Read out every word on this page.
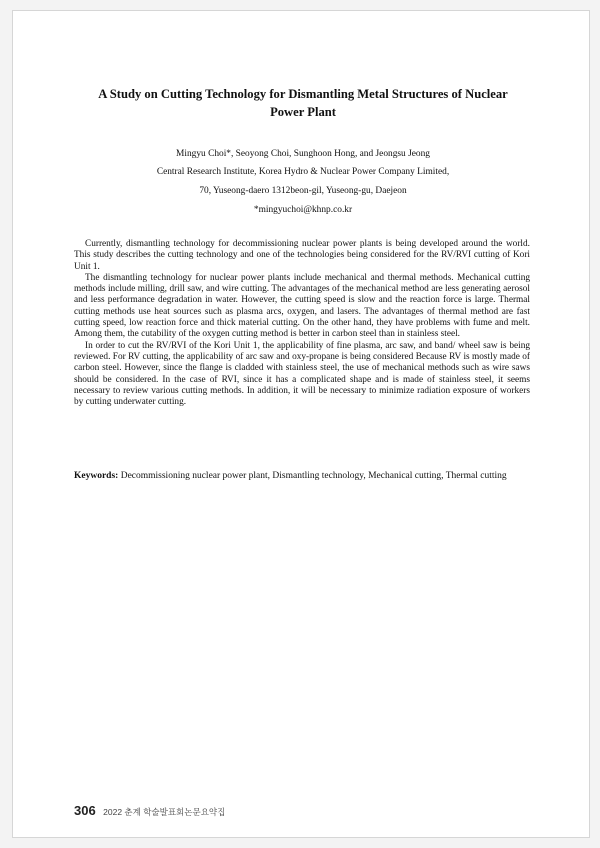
A Study on Cutting Technology for Dismantling Metal Structures of Nuclear
Power Plant

Mingyu Choi*, Seoyong Choi, Sunghoon Hong, and Jeongsu Jeong

Central Research Institute, Korea Hydro & Nuclear Power Company Limited,

70, Yuseong-daero 1312beon-gil, Yuseong-gu, Daejeon

*mingyuchoi@khnp.co.kr

Currently, dismantling technology for decommissioning nuclear power plants is being developed around the world. This study describes the cutting technology and one of the technologies being considered for the RV/RVI cutting of Kori Unit 1.

The dismantling technology for nuclear power plants include mechanical and thermal methods. Mechanical cutting methods include milling, drill saw, and wire cutting. The advantages of the mechanical method are less generating aerosol and less performance degradation in water. However, the cutting speed is slow and the reaction force is large. Thermal cutting methods use heat sources such as plasma arcs, oxygen, and lasers. The advantages of thermal method are fast cutting speed, low reaction force and thick material cutting. On the other hand, they have problems with fume and melt. Among them, the cutability of the oxygen cutting method is better in carbon steel than in stainless steel.

In order to cut the RV/RVI of the Kori Unit 1, the applicability of fine plasma, arc saw, and band/ wheel saw is being reviewed. For RV cutting, the applicability of arc saw and oxy-propane is being considered Because RV is mostly made of carbon steel. However, since the flange is cladded with stainless steel, the use of mechanical methods such as wire saws should be considered. In the case of RVI, since it has a complicated shape and is made of stainless steel, it seems necessary to review various cutting methods. In addition, it will be necessary to minimize radiation exposure of workers by cutting underwater cutting.

Keywords: Decommissioning nuclear power plant, Dismantling technology, Mechanical cutting, Thermal cutting

306 2022 춘계 학술발표회논문요약집
